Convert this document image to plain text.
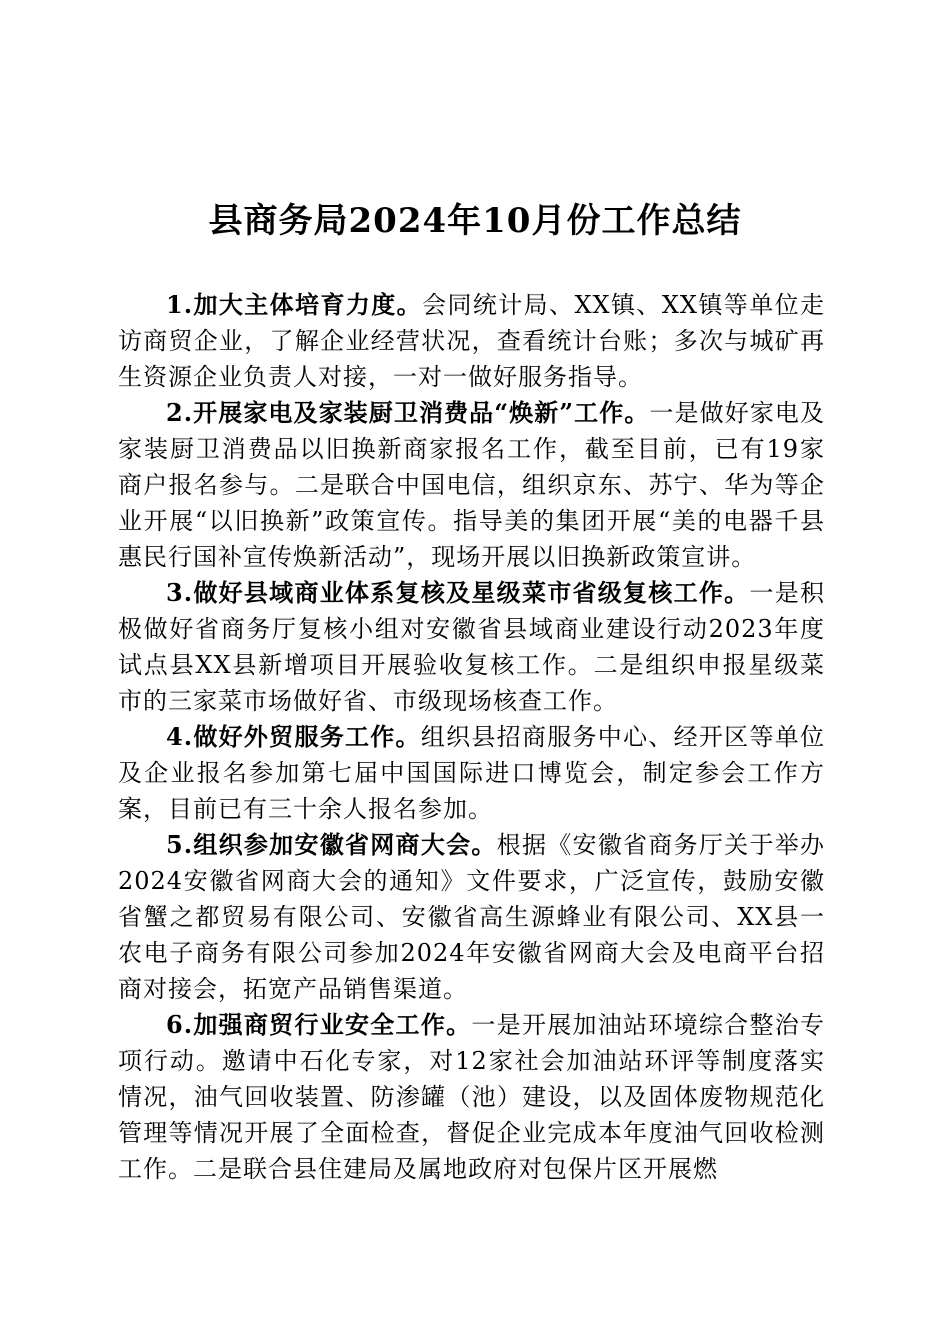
县商务局2024年10月份工作总结

1.加大主体培育力度。会同统计局、XX镇、XX镇等单位走访商贸企业，了解企业经营状况，查看统计台账；多次与城矿再生资源企业负责人对接，一对一做好服务指导。

2.开展家电及家装厨卫消费品“焕新”工作。一是做好家电及家装厨卫消费品以旧换新商家报名工作，截至目前，已有19家商户报名参与。二是联合中国电信，组织京东、苏宁、华为等企业开展“以旧换新”政策宣传。指导美的集团开展“美的电器千县惠民行国补宣传焕新活动”，现场开展以旧换新政策宣讲。

3.做好县域商业体系复核及星级菜市省级复核工作。一是积极做好省商务厅复核小组对安徽省县域商业建设行动2023年度试点县XX县新增项目开展验收复核工作。二是组织申报星级菜市的三家菜市场做好省、市级现场核查工作。

4.做好外贸服务工作。组织县招商服务中心、经开区等单位及企业报名参加第七届中国国际进口博览会，制定参会工作方案，目前已有三十余人报名参加。

5.组织参加安徽省网商大会。根据《安徽省商务厅关于举办2024安徽省网商大会的通知》文件要求，广泛宣传，鼓励安徽省蟹之都贸易有限公司、安徽省高生源蜂业有限公司、XX县一农电子商务有限公司参加2024年安徽省网商大会及电商平台招商对接会，拓宽产品销售渠道。

6.加强商贸行业安全工作。一是开展加油站环境综合整治专项行动。邀请中石化专家，对12家社会加油站环评等制度落实情况，油气回收装置、防渗罐（池）建设，以及固体废物规范化管理等情况开展了全面检查，督促企业完成本年度油气回收检测工作。二是联合县住建局及属地政府对包保片区开展燃
